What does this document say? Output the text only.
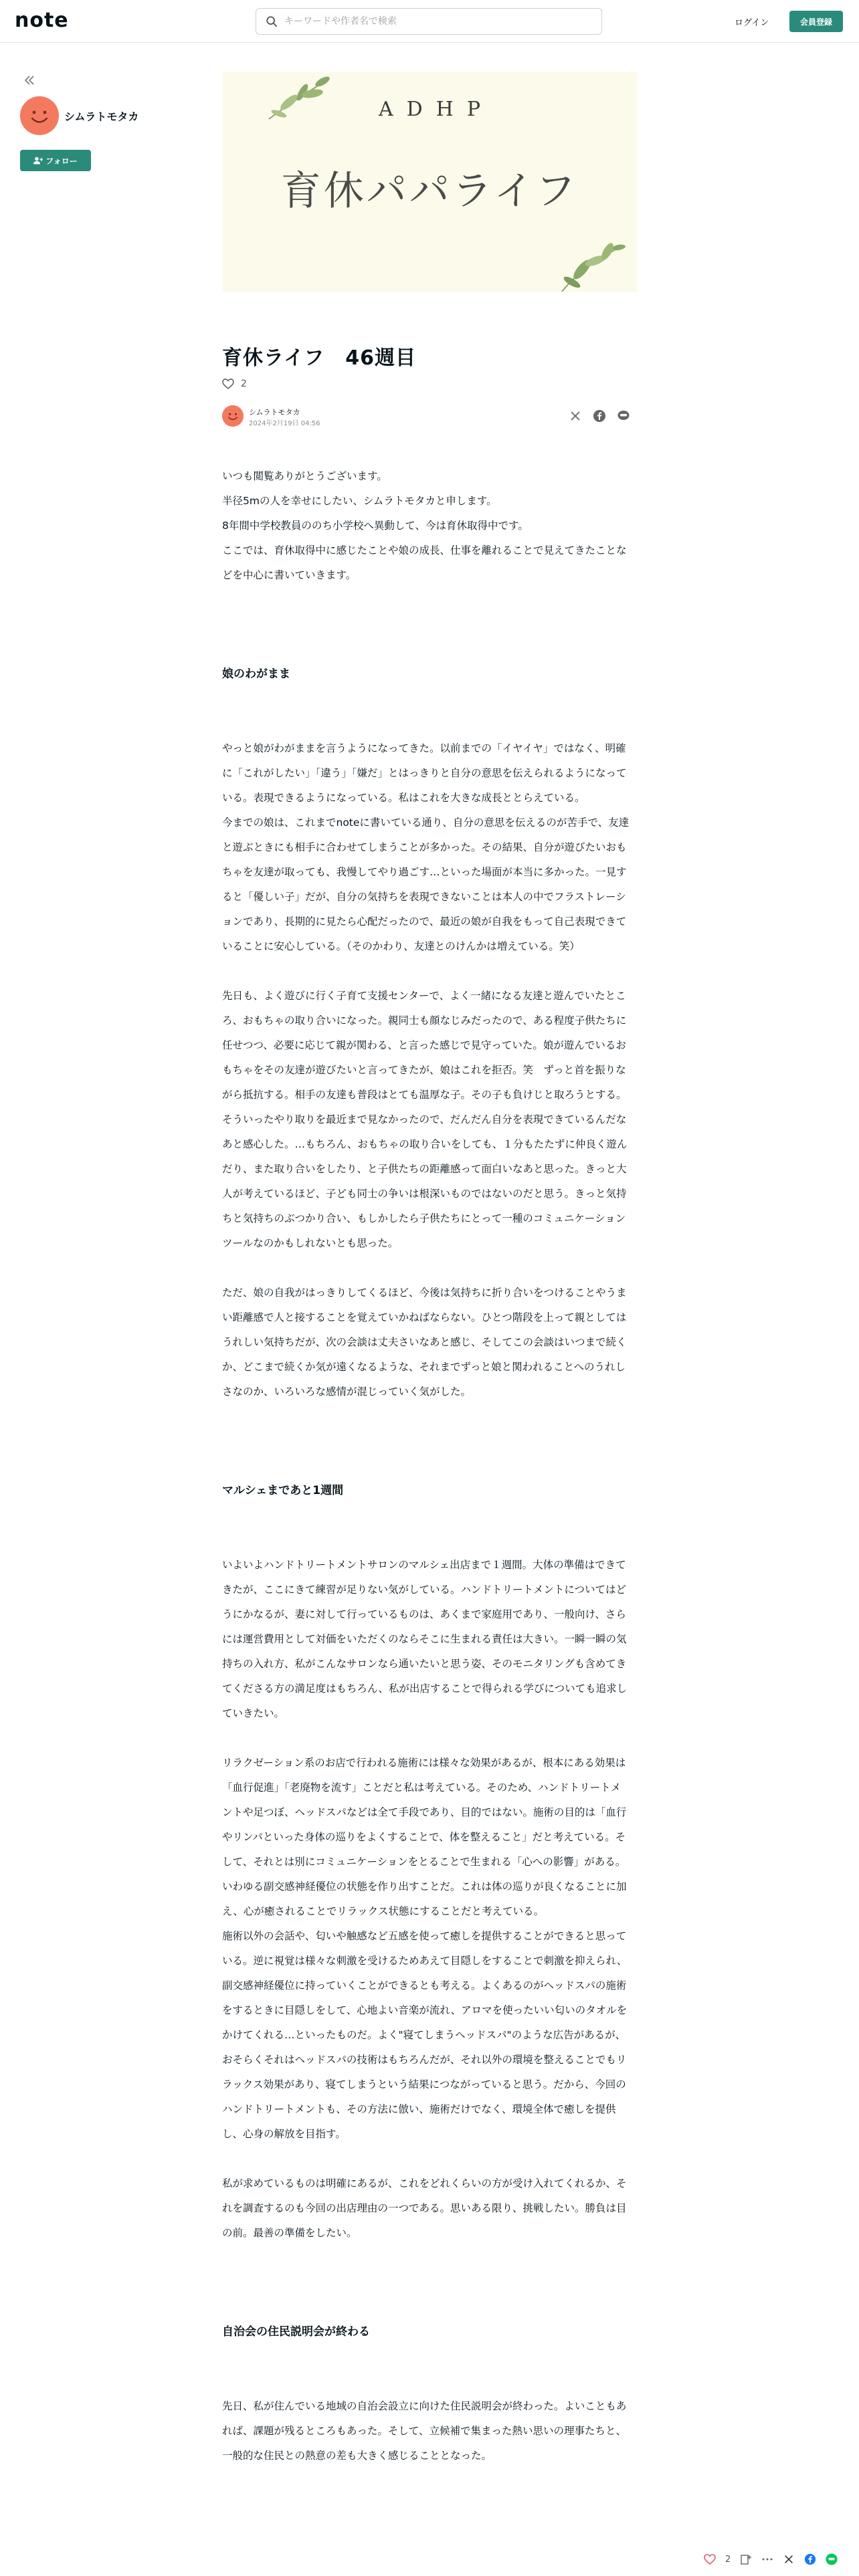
note
キーワードや作者名で検索	ログイン	会員登録
シムラトモタカ
フォロー
ADHP
育休パパライフ
育休ライフ　46週目
2
シムラトモタカ
2024年2月19日 04:56

いつも閲覧ありがとうございます。

半径5mの人を幸せにしたい、シムラトモタカと申します。

8年間中学校教員ののち小学校へ異動して、今は育休取得中です。

ここでは、育休取得中に感じたことや娘の成長、仕事を離れることで見えてきたことなどを中心に書いていきます。

娘のわがまま

やっと娘がわがままを言うようになってきた。以前までの「イヤイヤ」ではなく、明確に「これがしたい」「違う」「嫌だ」とはっきりと自分の意思を伝えられるようになっている。表現できるようになっている。私はこれを大きな成長ととらえている。

今までの娘は、これまでnoteに書いている通り、自分の意思を伝えるのが苦手で、友達と遊ぶときにも相手に合わせてしまうことが多かった。その結果、自分が遊びたいおもちゃを友達が取っても、我慢してやり過ごす…といった場面が本当に多かった。一見すると「優しい子」だが、自分の気持ちを表現できないことは本人の中でフラストレーションであり、長期的に見たら心配だったので、最近の娘が自我をもって自己表現できていることに安心している。（そのかわり、友達とのけんかは増えている。笑）

先日も、よく遊びに行く子育て支援センターで、よく一緒になる友達と遊んでいたところ、おもちゃの取り合いになった。親同士も顔なじみだったので、ある程度子供たちに任せつつ、必要に応じて親が関わる、と言った感じで見守っていた。娘が遊んでいるおもちゃをその友達が遊びたいと言ってきたが、娘はこれを拒否。笑　ずっと首を振りながら抵抗する。相手の友達も普段はとても温厚な子。その子も負けじと取ろうとする。そういったやり取りを最近まで見なかったので、だんだん自分を表現できているんだなあと感心した。…もちろん、おもちゃの取り合いをしても、１分もたたずに仲良く遊んだり、また取り合いをしたり、と子供たちの距離感って面白いなあと思った。きっと大人が考えているほど、子ども同士の争いは根深いものではないのだと思う。きっと気持ちと気持ちのぶつかり合い、もしかしたら子供たちにとって一種のコミュニケーションツールなのかもしれないとも思った。

ただ、娘の自我がはっきりしてくるほど、今後は気持ちに折り合いをつけることやうまい距離感で人と接することを覚えていかねばならない。ひとつ階段を上って親としてはうれしい気持ちだが、次の会談は丈夫さいなあと感じ、そしてこの会談はいつまで続くか、どこまで続くか気が遠くなるような、それまでずっと娘と関われることへのうれしさなのか、いろいろな感情が混じっていく気がした。

マルシェまであと1週間

いよいよハンドトリートメントサロンのマルシェ出店まで１週間。大体の準備はできてきたが、ここにきて練習が足りない気がしている。ハンドトリートメントについてはどうにかなるが、妻に対して行っているものは、あくまで家庭用であり、一般向け、さらには運営費用として対価をいただくのならそこに生まれる責任は大きい。一瞬一瞬の気持ちの入れ方、私がこんなサロンなら通いたいと思う姿、そのモニタリングも含めてきてくださる方の満足度はもちろん、私が出店することで得られる学びについても追求していきたい。

リラクゼーション系のお店で行われる施術には様々な効果があるが、根本にある効果は「血行促進」「老廃物を流す」ことだと私は考えている。そのため、ハンドトリートメントや足つぼ、ヘッドスパなどは全て手段であり、目的ではない。施術の目的は「血行やリンパといった身体の巡りをよくすることで、体を整えること」だと考えている。そして、それとは別にコミュニケーションをとることで生まれる「心への影響」がある。いわゆる副交感神経優位の状態を作り出すことだ。これは体の巡りが良くなることに加え、心が癒されることでリラックス状態にすることだと考えている。

施術以外の会話や、匂いや触感など五感を使って癒しを提供することができると思っている。逆に視覚は様々な刺激を受けるためあえて目隠しをすることで刺激を抑えられ、副交感神経優位に持っていくことができるとも考える。よくあるのがヘッドスパの施術をするときに目隠しをして、心地よい音楽が流れ、アロマを使ったいい匂いのタオルをかけてくれる…といったものだ。よく"寝てしまうヘッドスパ"のような広告があるが、おそらくそれはヘッドスパの技術はもちろんだが、それ以外の環境を整えることでもリラックス効果があり、寝てしまうという結果につながっていると思う。だから、今回のハンドトリートメントも、その方法に倣い、施術だけでなく、環境全体で癒しを提供し、心身の解放を目指す。

私が求めているものは明確にあるが、これをどれくらいの方が受け入れてくれるか、それを調査するのも今回の出店理由の一つである。思いある限り、挑戦したい。勝負は目の前。最善の準備をしたい。

自治会の住民説明会が終わる

先日、私が住んでいる地域の自治会設立に向けた住民説明会が終わった。よいこともあれば、課題が残るところもあった。そして、立候補で集まった熱い思いの理事たちと、一般的な住民との熱意の差も大きく感じることとなった。

2
